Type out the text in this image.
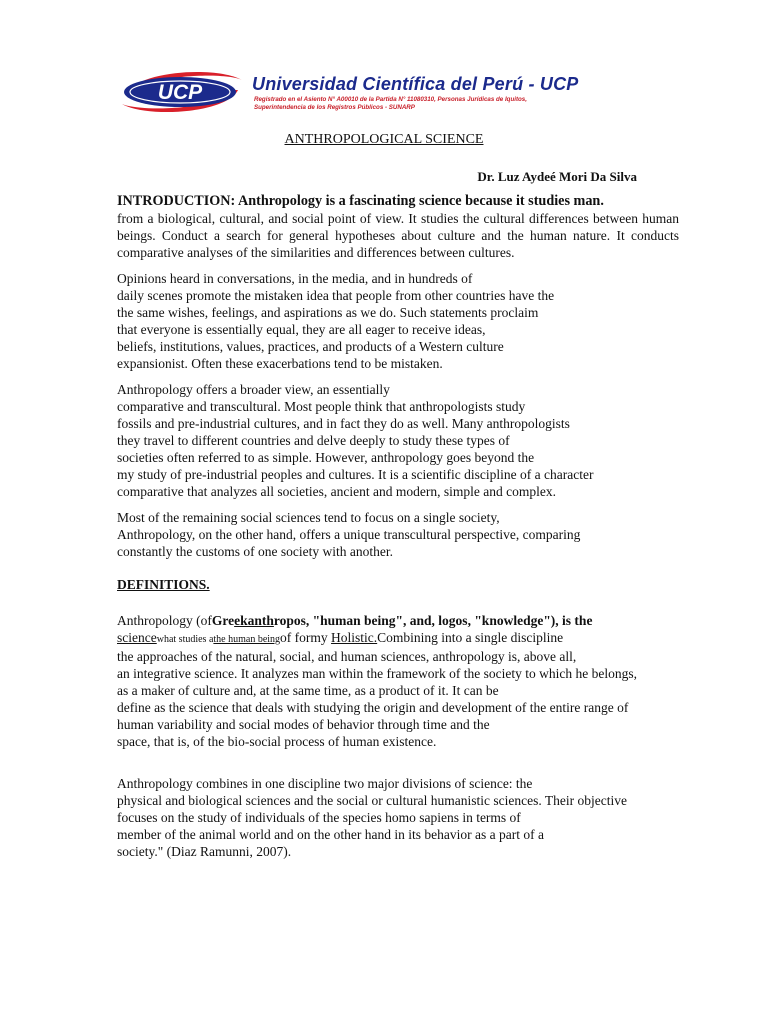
UCP	Universidad Científica del Perú - UCP
Registrado en el Asiento N° A00010 de la Partida N° 11080310, Personas Jurídicas de Iquitos,
Superintendencia de los Registros Públicos - SUNARP
ANTHROPOLOGICAL SCIENCE
Dr. Luz Aydeé Mori Da Silva

INTRODUCTION: Anthropology is a fascinating science because it studies man.

from a biological, cultural, and social point of view. It studies the cultural differences between human beings. Conduct a search for general hypotheses about culture and the human nature. It conducts comparative analyses of the similarities and differences between cultures.

Opinions heard in conversations, in the media, and in hundreds of
daily scenes promote the mistaken idea that people from other countries have the
the same wishes, feelings, and aspirations as we do. Such statements proclaim
that everyone is essentially equal, they are all eager to receive ideas,
beliefs, institutions, values, practices, and products of a Western culture
expansionist. Often these exacerbations tend to be mistaken.

Anthropology offers a broader view, an essentially
comparative and transcultural. Most people think that anthropologists study
fossils and pre-industrial cultures, and in fact they do as well. Many anthropologists
they travel to different countries and delve deeply to study these types of
societies often referred to as simple. However, anthropology goes beyond the
my study of pre-industrial peoples and cultures. It is a scientific discipline of a character
comparative that analyzes all societies, ancient and modern, simple and complex.

Most of the remaining social sciences tend to focus on a single society,
Anthropology, on the other hand, offers a unique transcultural perspective, comparing
constantly the customs of one society with another.

DEFINITIONS.

Anthropology (ofGreekanthropos, "human being", and, logos, "knowledge"), is the
sciencewhat studies athe human beingof formy Holistic.Combining into a single discipline
the approaches of the natural, social, and human sciences, anthropology is, above all,
an integrative science. It analyzes man within the framework of the society to which he belongs,
as a maker of culture and, at the same time, as a product of it. It can be
define as the science that deals with studying the origin and development of the entire range of
human variability and social modes of behavior through time and the
space, that is, of the bio-social process of human existence.

Anthropology combines in one discipline two major divisions of science: the
physical and biological sciences and the social or cultural humanistic sciences. Their objective
focuses on the study of individuals of the species homo sapiens in terms of
member of the animal world and on the other hand in its behavior as a part of a
society." (Diaz Ramunni, 2007).
